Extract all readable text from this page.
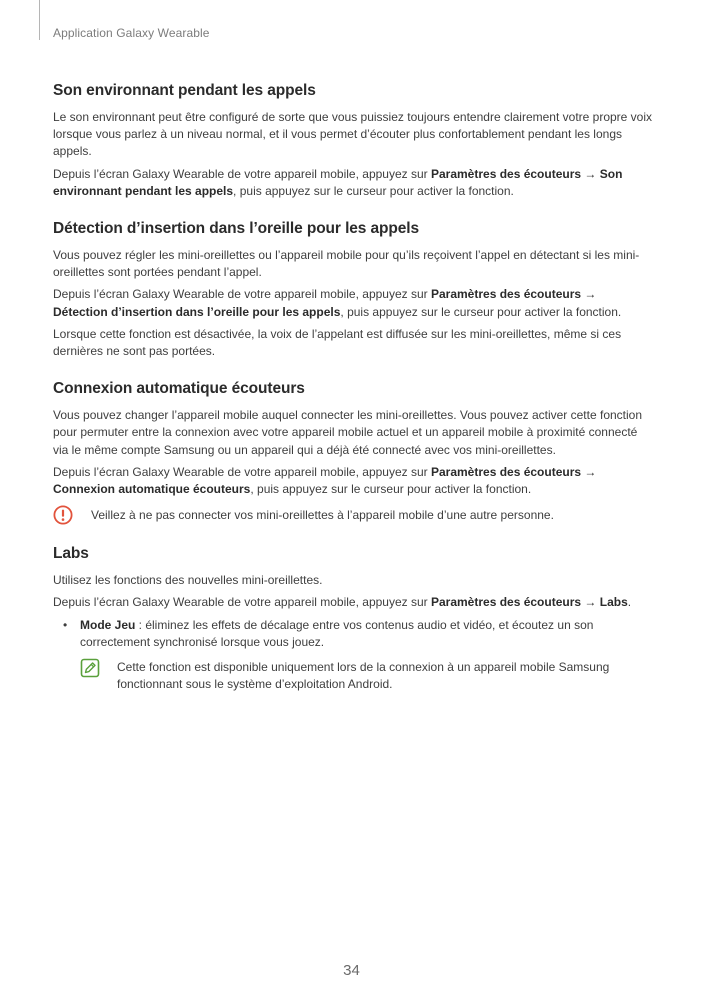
Application Galaxy Wearable
Son environnant pendant les appels

Le son environnant peut être configuré de sorte que vous puissiez toujours entendre clairement votre propre voix lorsque vous parlez à un niveau normal, et il vous permet d’écouter plus confortablement pendant les longs appels.

Depuis l’écran Galaxy Wearable de votre appareil mobile, appuyez sur Paramètres des écouteurs → Son environnant pendant les appels, puis appuyez sur le curseur pour activer la fonction.

Détection d’insertion dans l’oreille pour les appels

Vous pouvez régler les mini-oreillettes ou l’appareil mobile pour qu’ils reçoivent l’appel en détectant si les mini-oreillettes sont portées pendant l’appel.

Depuis l’écran Galaxy Wearable de votre appareil mobile, appuyez sur Paramètres des écouteurs → Détection d’insertion dans l’oreille pour les appels, puis appuyez sur le curseur pour activer la fonction.

Lorsque cette fonction est désactivée, la voix de l’appelant est diffusée sur les mini-oreillettes, même si ces dernières ne sont pas portées.

Connexion automatique écouteurs

Vous pouvez changer l’appareil mobile auquel connecter les mini-oreillettes. Vous pouvez activer cette fonction pour permuter entre la connexion avec votre appareil mobile actuel et un appareil mobile à proximité connecté via le même compte Samsung ou un appareil qui a déjà été connecté avec vos mini-oreillettes.

Depuis l’écran Galaxy Wearable de votre appareil mobile, appuyez sur Paramètres des écouteurs → Connexion automatique écouteurs, puis appuyez sur le curseur pour activer la fonction.

Veillez à ne pas connecter vos mini-oreillettes à l’appareil mobile d’une autre personne.
Labs

Utilisez les fonctions des nouvelles mini-oreillettes.

Depuis l’écran Galaxy Wearable de votre appareil mobile, appuyez sur Paramètres des écouteurs → Labs.

•	Mode Jeu : éliminez les effets de décalage entre vos contenus audio et vidéo, et écoutez un son correctement synchronisé lorsque vous jouez.
Cette fonction est disponible uniquement lors de la connexion à un appareil mobile Samsung fonctionnant sous le système d’exploitation Android.
34
